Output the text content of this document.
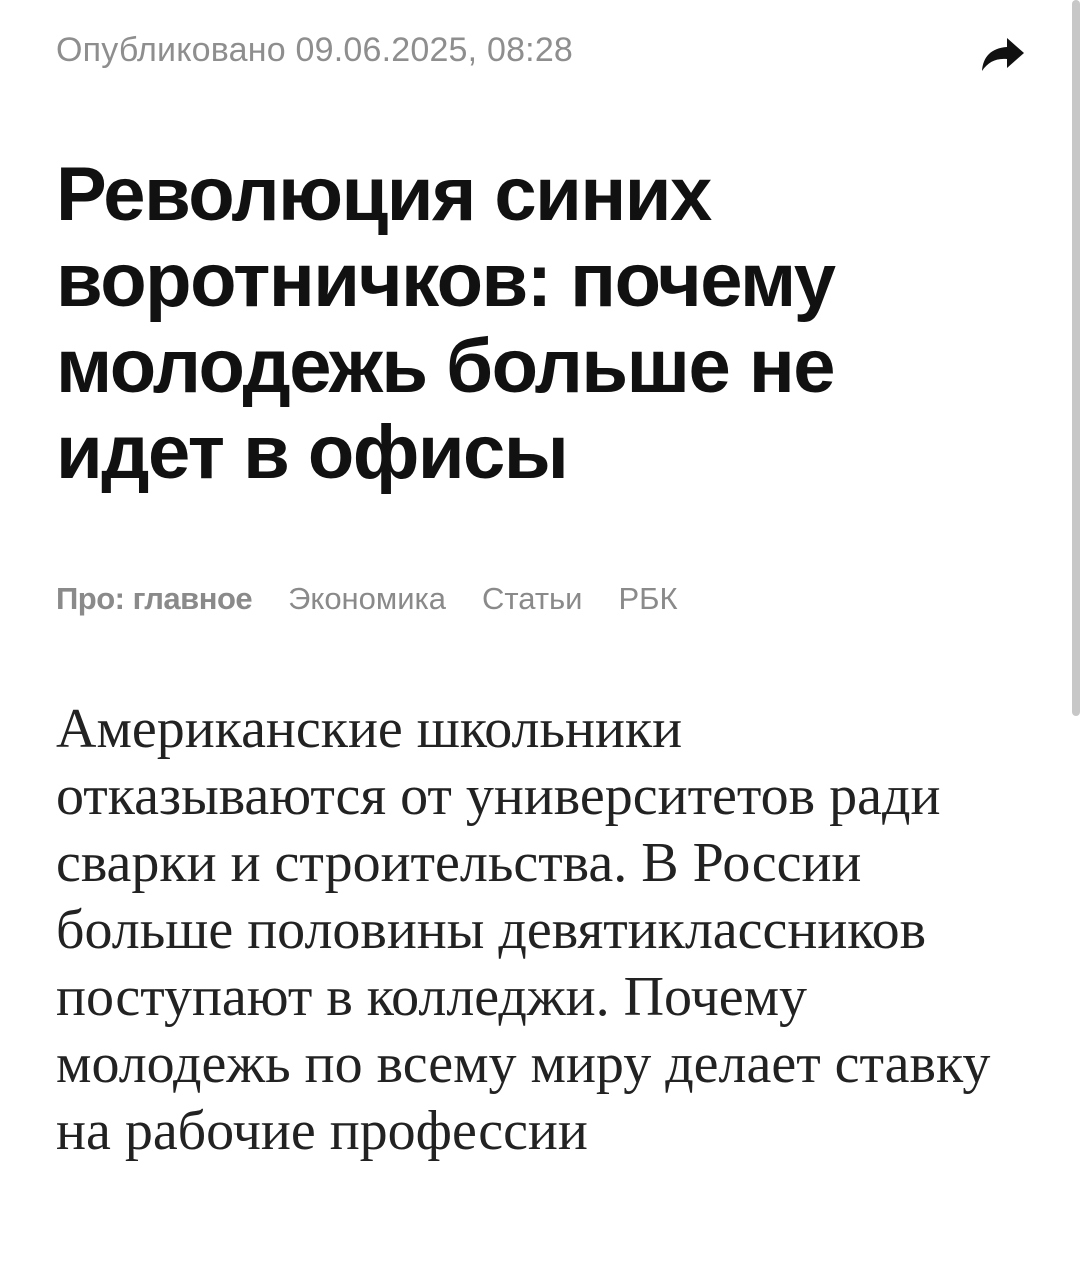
Опубликовано 09.06.2025, 08:28
Революция синих воротничков: почему молодежь больше не идет в офисы
Про: главное Экономика Статьи РБК

Американские школьники отказываются от университетов ради сварки и строительства. В России больше половины девятиклассников поступают в колледжи. Почему молодежь по всему миру делает ставку на рабочие профессии
